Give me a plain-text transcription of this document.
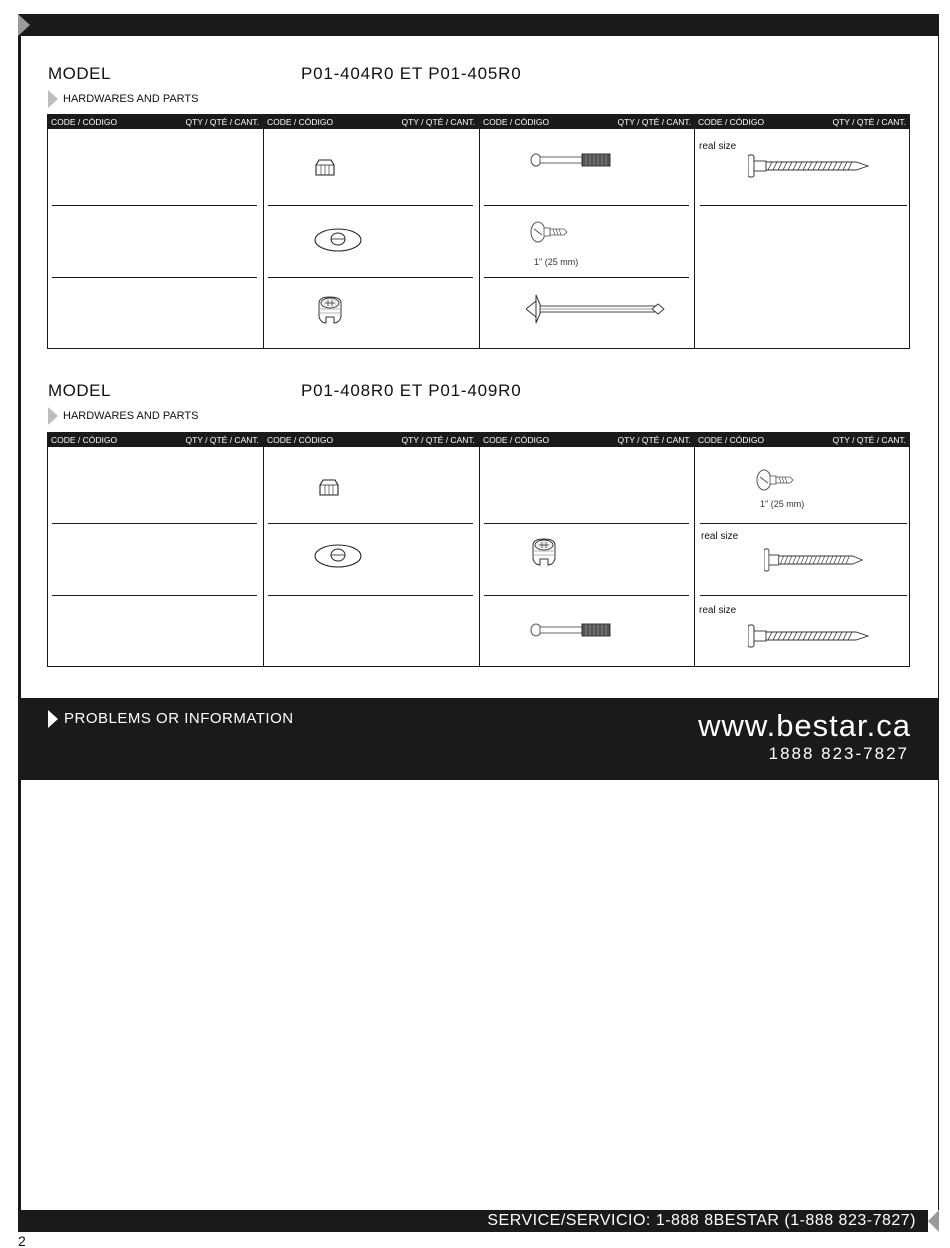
MODEL	P01-404R0 ET P01-405R0
HARDWARES AND PARTS
CODE / CÓDIGO	QTY / QTÉ / CANT. CODE / CÓDIGO	QTY / QTÉ / CANT. CODE / CÓDIGO	QTY / QTÉ / CANT. CODE / CÓDIGO	QTY / QTÉ / CANT.
1" (25 mm)
real size
MODEL	P01-408R0 ET P01-409R0
HARDWARES AND PARTS
CODE / CÓDIGO	QTY / QTÉ / CANT. CODE / CÓDIGO	QTY / QTÉ / CANT. CODE / CÓDIGO	QTY / QTÉ / CANT. CODE / CÓDIGO	QTY / QTÉ / CANT.
1" (25 mm)
real size
real size
PROBLEMS OR INFORMATION	www.bestar.ca
1888 823-7827
SERVICE/SERVICIO: 1-888 8BESTAR (1-888 823-7827)
2
